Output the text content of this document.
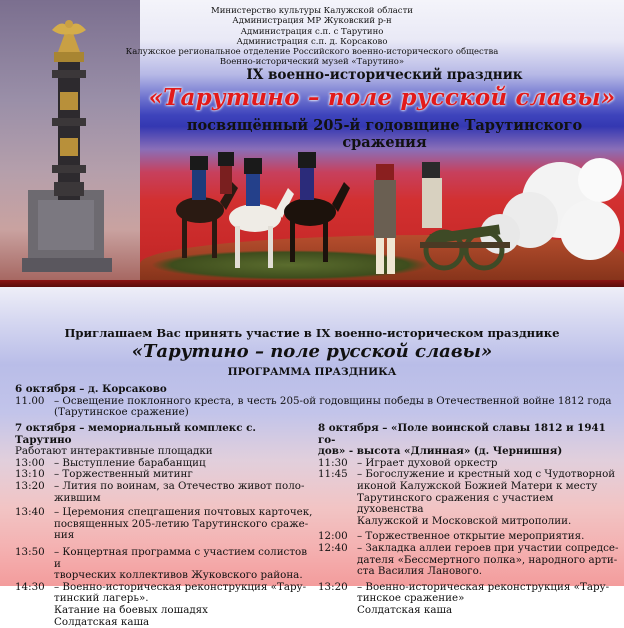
Министерство культуры Калужской области
Администрация МР Жуковский р-н
Администрация с.п. с Тарутино
Администрация с.п. д. Корсаково
Калужское региональное отделение Российского военно-исторического общества
Военно-исторический музей «Тарутино»
IX военно-исторический праздник
«Тарутино – поле русской славы»
посвящённый 205-й годовщине Тарутинского сражения
Приглашаем Вас принять участие в IX военно-историческом празднике
«Тарутино – поле русской славы»
ПРОГРАММА ПРАЗДНИКА
6 октября – д. Корсаково
11.00 – Освещение поклонного креста, в честь 205-ой годовщины победы в Отечественной войне 1812 года
(Тарутинское сражение)
7 октября – мемориальный комплекс с. Тарутино
Работают интерактивные площадки
13:00 – Выступление барабанщиц
13:10 – Торжественный митинг
13:20 – Лития по воинам, за Отечество живот поло-
жившим
13:40 – Церемония спецгашения почтовых карточек,
посвященных 205-летию Тарутинского сраже-
ния
13:50 – Концертная программа с участием солистов и
творческих коллективов Жуковского района.
14:30 – Военно-историческая реконструкция «Тару-
тинский лагерь».
Катание на боевых лошадях
Солдатская каша
8 октября – «Поле воинской славы 1812 и 1941 го-
дов» - высота «Длинная» (д. Чернишня)
11:30 – Играет духовой оркестр
11:45 – Богослужение и крестный ход с Чудотворной
иконой Калужской Божией Матери к месту
Тарутинского сражения с участием духовенства
Калужской и Московской митрополии.
12:00 – Торжественное открытие мероприятия.
12:40 – Закладка аллеи героев при участии сопредсе-
дателя «Бессмертного полка», народного арти-
ста Василия Ланового.
13:20 – Военно-историческая реконструкция «Тару-
тинское сражение»
Солдатская каша
